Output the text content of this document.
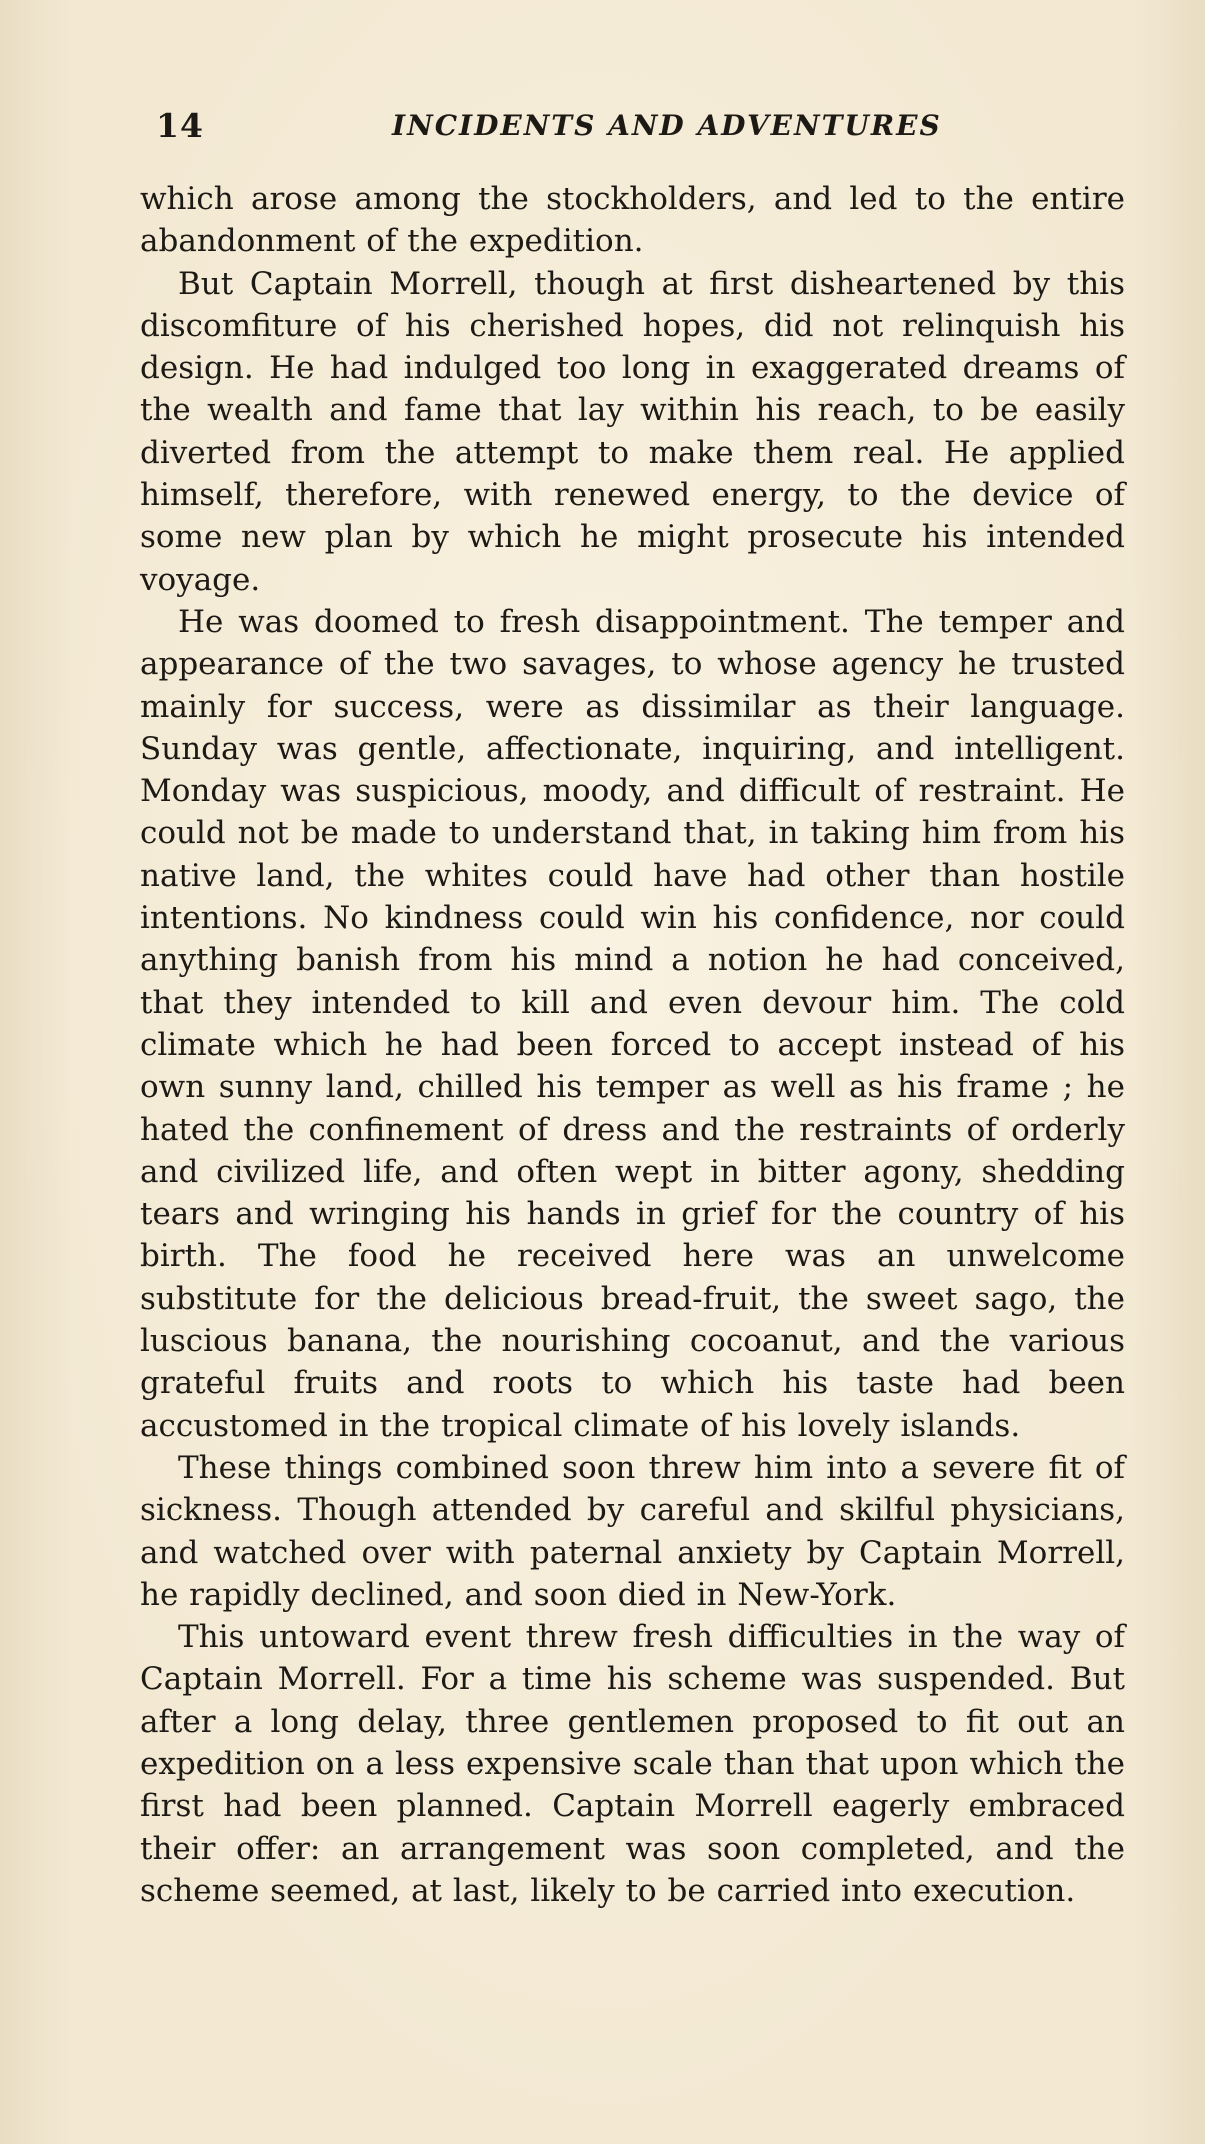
14	INCIDENTS AND ADVENTURES

which arose among the stockholders, and led to the entire abandonment of the expedition.

But Captain Morrell, though at first disheartened by this discomfiture of his cherished hopes, did not relinquish his design. He had indulged too long in exaggerated dreams of the wealth and fame that lay within his reach, to be easily diverted from the attempt to make them real. He applied himself, therefore, with renewed energy, to the device of some new plan by which he might prosecute his intended voyage.

He was doomed to fresh disappointment. The temper and appearance of the two savages, to whose agency he trusted mainly for success, were as dissimilar as their language. Sunday was gentle, affectionate, inquiring, and intelligent. Monday was suspicious, moody, and difficult of restraint. He could not be made to understand that, in taking him from his native land, the whites could have had other than hostile intentions. No kindness could win his confidence, nor could anything banish from his mind a notion he had conceived, that they intended to kill and even devour him. The cold climate which he had been forced to accept instead of his own sunny land, chilled his temper as well as his frame ; he hated the confinement of dress and the restraints of orderly and civilized life, and often wept in bitter agony, shedding tears and wringing his hands in grief for the country of his birth. The food he received here was an unwelcome substitute for the delicious bread-fruit, the sweet sago, the luscious banana, the nourishing cocoanut, and the various grateful fruits and roots to which his taste had been accustomed in the tropical climate of his lovely islands.

These things combined soon threw him into a severe fit of sickness. Though attended by careful and skilful physicians, and watched over with paternal anxiety by Captain Morrell, he rapidly declined, and soon died in New-York.

This untoward event threw fresh difficulties in the way of Captain Morrell. For a time his scheme was suspended. But after a long delay, three gentlemen proposed to fit out an expedition on a less expensive scale than that upon which the first had been planned. Captain Morrell eagerly embraced their offer: an arrangement was soon completed, and the scheme seemed, at last, likely to be carried into execution.
